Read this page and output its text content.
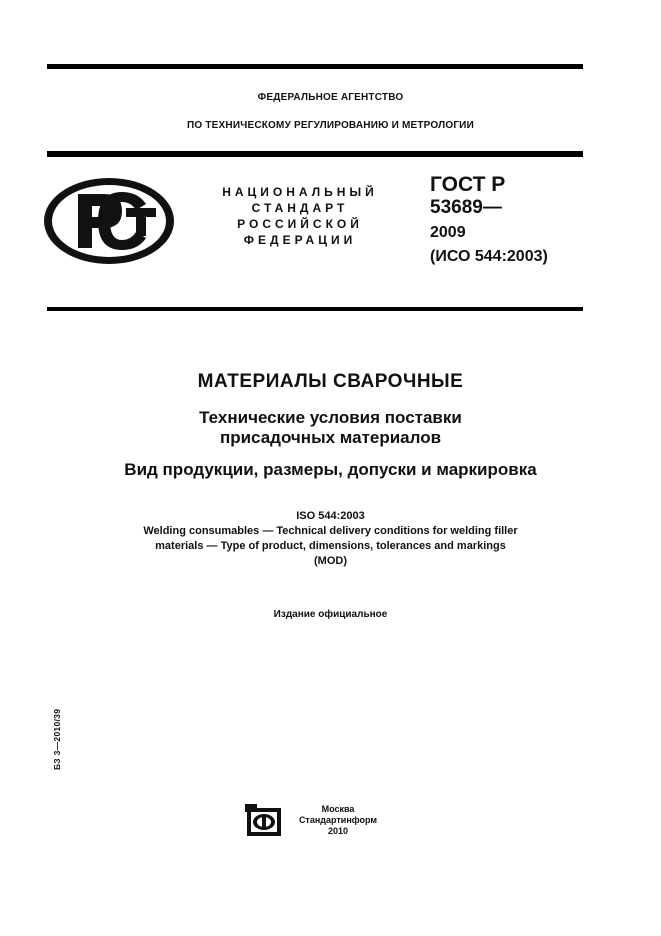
ФЕДЕРАЛЬНОЕ АГЕНТСТВО
ПО ТЕХНИЧЕСКОМУ РЕГУЛИРОВАНИЮ И МЕТРОЛОГИИ
НАЦИОНАЛЬНЫЙ
СТАНДАРТ
РОССИЙСКОЙ
ФЕДЕРАЦИИ
ГОСТ Р
53689—
2009
(ИСО 544:2003)
МАТЕРИАЛЫ СВАРОЧНЫЕ
Технические условия поставки
присадочных материалов
Вид продукции, размеры, допуски и маркировка
ISO 544:2003
Welding consumables — Technical delivery conditions for welding filler
materials — Type of product, dimensions, tolerances and markings
(MOD)
Издание официальное
БЗ 3—2010/39
Москва
Стандартинформ
2010
